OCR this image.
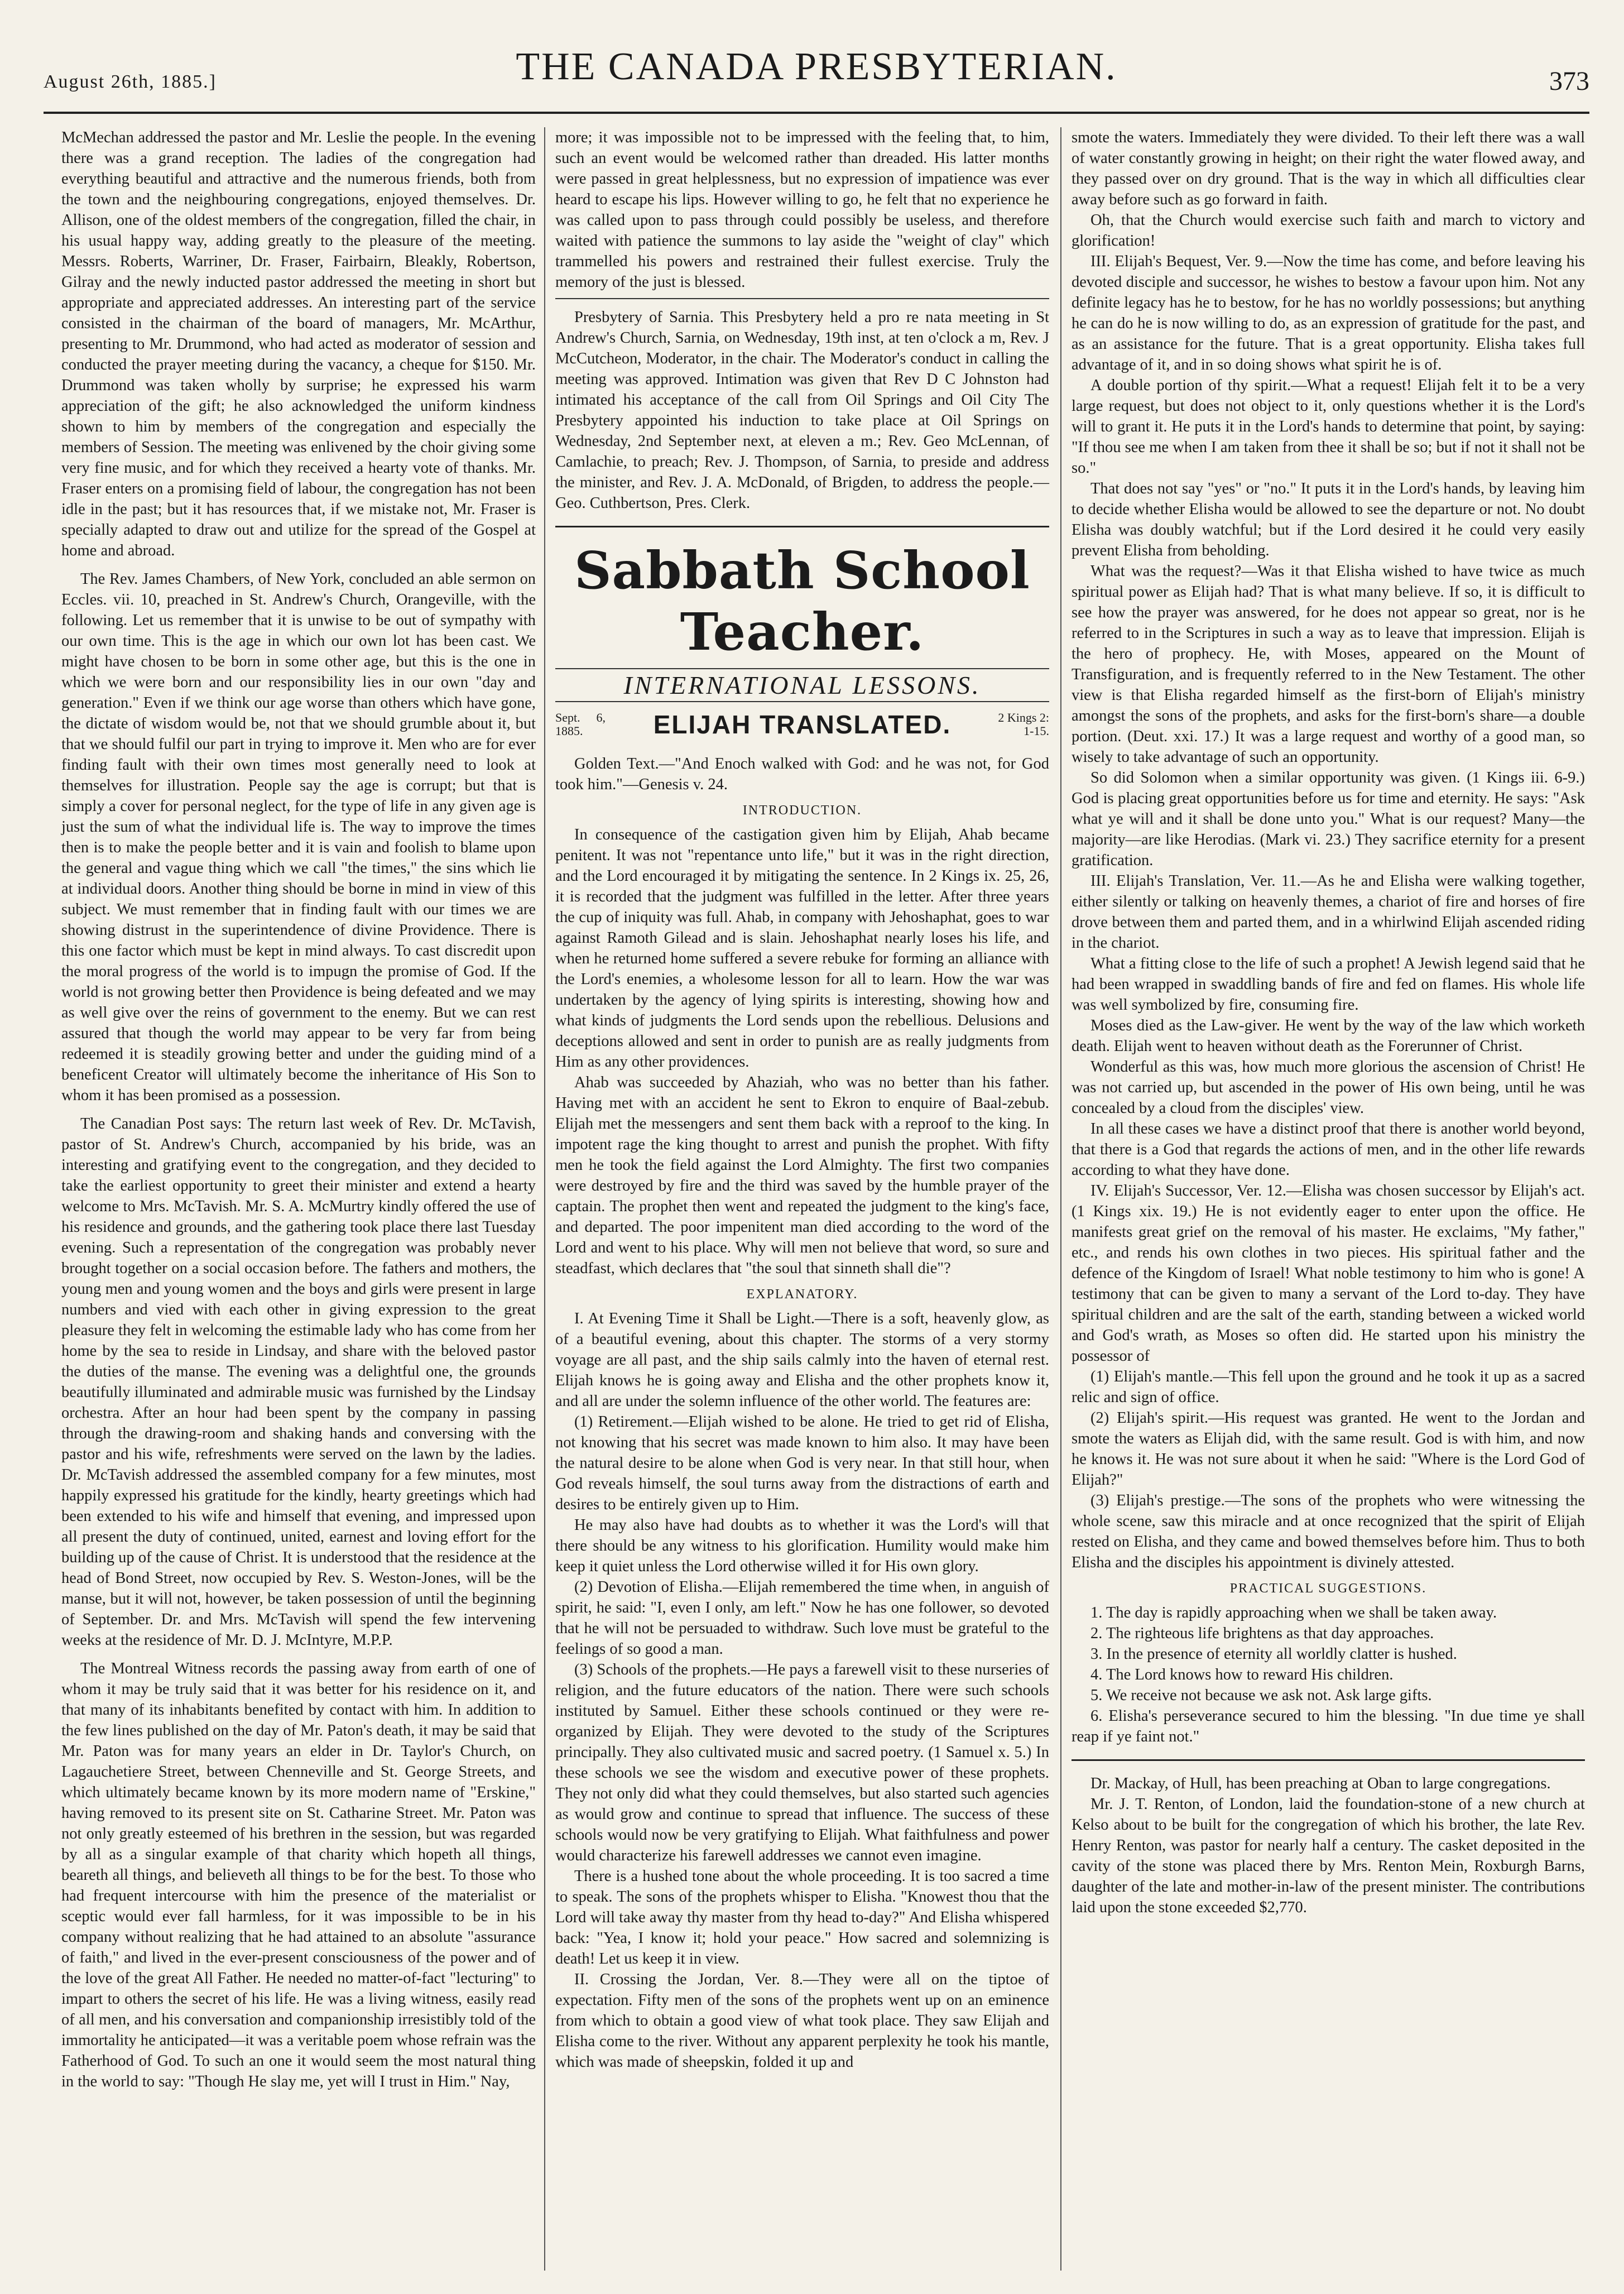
August 26th, 1885.]	THE CANADA PRESBYTERIAN.	373

McMechan addressed the pastor and Mr. Leslie the people. In the evening there was a grand reception. The ladies of the congregation had everything beautiful and attractive and the numerous friends, both from the town and the neighbouring congregations, enjoyed themselves. Dr. Allison, one of the oldest members of the congregation, filled the chair, in his usual happy way, adding greatly to the pleasure of the meeting. Messrs. Roberts, Warriner, Dr. Fraser, Fairbairn, Bleakly, Robertson, Gilray and the newly inducted pastor addressed the meeting in short but appropriate and appreciated addresses. An interesting part of the service consisted in the chairman of the board of managers, Mr. McArthur, presenting to Mr. Drummond, who had acted as moderator of session and conducted the prayer meeting during the vacancy, a cheque for $150. Mr. Drummond was taken wholly by surprise; he expressed his warm appreciation of the gift; he also acknowledged the uniform kindness shown to him by members of the congregation and especially the members of Session. The meeting was enlivened by the choir giving some very fine music, and for which they received a hearty vote of thanks. Mr. Fraser enters on a promising field of labour, the congregation has not been idle in the past; but it has resources that, if we mistake not, Mr. Fraser is specially adapted to draw out and utilize for the spread of the Gospel at home and abroad.

The Rev. James Chambers, of New York, concluded an able sermon on Eccles. vii. 10, preached in St. Andrew's Church, Orangeville, with the following. Let us remember that it is unwise to be out of sympathy with our own time. This is the age in which our own lot has been cast. We might have chosen to be born in some other age, but this is the one in which we were born and our responsibility lies in our own "day and generation." Even if we think our age worse than others which have gone, the dictate of wisdom would be, not that we should grumble about it, but that we should fulfil our part in trying to improve it. Men who are for ever finding fault with their own times most generally need to look at themselves for illustration. People say the age is corrupt; but that is simply a cover for personal neglect, for the type of life in any given age is just the sum of what the individual life is. The way to improve the times then is to make the people better and it is vain and foolish to blame upon the general and vague thing which we call "the times," the sins which lie at individual doors. Another thing should be borne in mind in view of this subject. We must remember that in finding fault with our times we are showing distrust in the superintendence of divine Providence. There is this one factor which must be kept in mind always. To cast discredit upon the moral progress of the world is to impugn the promise of God. If the world is not growing better then Providence is being defeated and we may as well give over the reins of government to the enemy. But we can rest assured that though the world may appear to be very far from being redeemed it is steadily growing better and under the guiding mind of a beneficent Creator will ultimately become the inheritance of His Son to whom it has been promised as a possession.

The Canadian Post says: The return last week of Rev. Dr. McTavish, pastor of St. Andrew's Church, accompanied by his bride, was an interesting and gratifying event to the congregation, and they decided to take the earliest opportunity to greet their minister and extend a hearty welcome to Mrs. McTavish. Mr. S. A. McMurtry kindly offered the use of his residence and grounds, and the gathering took place there last Tuesday evening. Such a representation of the congregation was probably never brought together on a social occasion before. The fathers and mothers, the young men and young women and the boys and girls were present in large numbers and vied with each other in giving expression to the great pleasure they felt in welcoming the estimable lady who has come from her home by the sea to reside in Lindsay, and share with the beloved pastor the duties of the manse. The evening was a delightful one, the grounds beautifully illuminated and admirable music was furnished by the Lindsay orchestra. After an hour had been spent by the company in passing through the drawing-room and shaking hands and conversing with the pastor and his wife, refreshments were served on the lawn by the ladies. Dr. McTavish addressed the assembled company for a few minutes, most happily expressed his gratitude for the kindly, hearty greetings which had been extended to his wife and himself that evening, and impressed upon all present the duty of continued, united, earnest and loving effort for the building up of the cause of Christ. It is understood that the residence at the head of Bond Street, now occupied by Rev. S. Weston-Jones, will be the manse, but it will not, however, be taken possession of until the beginning of September. Dr. and Mrs. McTavish will spend the few intervening weeks at the residence of Mr. D. J. McIntyre, M.P.P.

The Montreal Witness records the passing away from earth of one of whom it may be truly said that it was better for his residence on it, and that many of its inhabitants benefited by contact with him. In addition to the few lines published on the day of Mr. Paton's death, it may be said that Mr. Paton was for many years an elder in Dr. Taylor's Church, on Lagauchetiere Street, between Chenneville and St. George Streets, and which ultimately became known by its more modern name of "Erskine," having removed to its present site on St. Catharine Street. Mr. Paton was not only greatly esteemed of his brethren in the session, but was regarded by all as a singular example of that charity which hopeth all things, beareth all things, and believeth all things to be for the best. To those who had frequent intercourse with him the presence of the materialist or sceptic would ever fall harmless, for it was impossible to be in his company without realizing that he had attained to an absolute "assurance of faith," and lived in the ever-present consciousness of the power and of the love of the great All Father. He needed no matter-of-fact "lecturing" to impart to others the secret of his life. He was a living witness, easily read of all men, and his conversation and companionship irresistibly told of the immortality he anticipated—it was a veritable poem whose refrain was the Fatherhood of God. To such an one it would seem the most natural thing in the world to say: "Though He slay me, yet will I trust in Him." Nay,

more; it was impossible not to be impressed with the feeling that, to him, such an event would be welcomed rather than dreaded. His latter months were passed in great helplessness, but no expression of impatience was ever heard to escape his lips. However willing to go, he felt that no experience he was called upon to pass through could possibly be useless, and therefore waited with patience the summons to lay aside the "weight of clay" which trammelled his powers and restrained their fullest exercise. Truly the memory of the just is blessed.

Presbytery of Sarnia. This Presbytery held a pro re nata meeting in St Andrew's Church, Sarnia, on Wednesday, 19th inst, at ten o'clock a m, Rev. J McCutcheon, Moderator, in the chair. The Moderator's conduct in calling the meeting was approved. Intimation was given that Rev D C Johnston had intimated his acceptance of the call from Oil Springs and Oil City The Presbytery appointed his induction to take place at Oil Springs on Wednesday, 2nd September next, at eleven a m.; Rev. Geo McLennan, of Camlachie, to preach; Rev. J. Thompson, of Sarnia, to preside and address the minister, and Rev. J. A. McDonald, of Brigden, to address the people.—Geo. Cuthbertson, Pres. Clerk.

Sabbath School Teacher.
INTERNATIONAL LESSONS.
Sept. 6, 1885.	ELIJAH TRANSLATED.	2 Kings 2: 1-15.

Golden Text.—"And Enoch walked with God: and he was not, for God took him."—Genesis v. 24.

INTRODUCTION.

In consequence of the castigation given him by Elijah, Ahab became penitent. It was not "repentance unto life," but it was in the right direction, and the Lord encouraged it by mitigating the sentence. In 2 Kings ix. 25, 26, it is recorded that the judgment was fulfilled in the letter. After three years the cup of iniquity was full. Ahab, in company with Jehoshaphat, goes to war against Ramoth Gilead and is slain. Jehoshaphat nearly loses his life, and when he returned home suffered a severe rebuke for forming an alliance with the Lord's enemies, a wholesome lesson for all to learn. How the war was undertaken by the agency of lying spirits is interesting, showing how and what kinds of judgments the Lord sends upon the rebellious. Delusions and deceptions allowed and sent in order to punish are as really judgments from Him as any other providences.

Ahab was succeeded by Ahaziah, who was no better than his father. Having met with an accident he sent to Ekron to enquire of Baal-zebub. Elijah met the messengers and sent them back with a reproof to the king. In impotent rage the king thought to arrest and punish the prophet. With fifty men he took the field against the Lord Almighty. The first two companies were destroyed by fire and the third was saved by the humble prayer of the captain. The prophet then went and repeated the judgment to the king's face, and departed. The poor impenitent man died according to the word of the Lord and went to his place. Why will men not believe that word, so sure and steadfast, which declares that "the soul that sinneth shall die"?

EXPLANATORY.

I. At Evening Time it Shall be Light.—There is a soft, heavenly glow, as of a beautiful evening, about this chapter. The storms of a very stormy voyage are all past, and the ship sails calmly into the haven of eternal rest. Elijah knows he is going away and Elisha and the other prophets know it, and all are under the solemn influence of the other world. The features are:

(1) Retirement.—Elijah wished to be alone. He tried to get rid of Elisha, not knowing that his secret was made known to him also. It may have been the natural desire to be alone when God is very near. In that still hour, when God reveals himself, the soul turns away from the distractions of earth and desires to be entirely given up to Him.

He may also have had doubts as to whether it was the Lord's will that there should be any witness to his glorification. Humility would make him keep it quiet unless the Lord otherwise willed it for His own glory.

(2) Devotion of Elisha.—Elijah remembered the time when, in anguish of spirit, he said: "I, even I only, am left." Now he has one follower, so devoted that he will not be persuaded to withdraw. Such love must be grateful to the feelings of so good a man.

(3) Schools of the prophets.—He pays a farewell visit to these nurseries of religion, and the future educators of the nation. There were such schools instituted by Samuel. Either these schools continued or they were re-organized by Elijah. They were devoted to the study of the Scriptures principally. They also cultivated music and sacred poetry. (1 Samuel x. 5.) In these schools we see the wisdom and executive power of these prophets. They not only did what they could themselves, but also started such agencies as would grow and continue to spread that influence. The success of these schools would now be very gratifying to Elijah. What faithfulness and power would characterize his farewell addresses we cannot even imagine.

There is a hushed tone about the whole proceeding. It is too sacred a time to speak. The sons of the prophets whisper to Elisha. "Knowest thou that the Lord will take away thy master from thy head to-day?" And Elisha whispered back: "Yea, I know it; hold your peace." How sacred and solemnizing is death! Let us keep it in view.

II. Crossing the Jordan, Ver. 8.—They were all on the tiptoe of expectation. Fifty men of the sons of the prophets went up on an eminence from which to obtain a good view of what took place. They saw Elijah and Elisha come to the river. Without any apparent perplexity he took his mantle, which was made of sheepskin, folded it up and

smote the waters. Immediately they were divided. To their left there was a wall of water constantly growing in height; on their right the water flowed away, and they passed over on dry ground. That is the way in which all difficulties clear away before such as go forward in faith.

Oh, that the Church would exercise such faith and march to victory and glorification!

III. Elijah's Bequest, Ver. 9.—Now the time has come, and before leaving his devoted disciple and successor, he wishes to bestow a favour upon him. Not any definite legacy has he to bestow, for he has no worldly possessions; but anything he can do he is now willing to do, as an expression of gratitude for the past, and as an assistance for the future. That is a great opportunity. Elisha takes full advantage of it, and in so doing shows what spirit he is of.

A double portion of thy spirit.—What a request! Elijah felt it to be a very large request, but does not object to it, only questions whether it is the Lord's will to grant it. He puts it in the Lord's hands to determine that point, by saying: "If thou see me when I am taken from thee it shall be so; but if not it shall not be so."

That does not say "yes" or "no." It puts it in the Lord's hands, by leaving him to decide whether Elisha would be allowed to see the departure or not. No doubt Elisha was doubly watchful; but if the Lord desired it he could very easily prevent Elisha from beholding.

What was the request?—Was it that Elisha wished to have twice as much spiritual power as Elijah had? That is what many believe. If so, it is difficult to see how the prayer was answered, for he does not appear so great, nor is he referred to in the Scriptures in such a way as to leave that impression. Elijah is the hero of prophecy. He, with Moses, appeared on the Mount of Transfiguration, and is frequently referred to in the New Testament. The other view is that Elisha regarded himself as the first-born of Elijah's ministry amongst the sons of the prophets, and asks for the first-born's share—a double portion. (Deut. xxi. 17.) It was a large request and worthy of a good man, so wisely to take advantage of such an opportunity.

So did Solomon when a similar opportunity was given. (1 Kings iii. 6-9.) God is placing great opportunities before us for time and eternity. He says: "Ask what ye will and it shall be done unto you." What is our request? Many—the majority—are like Herodias. (Mark vi. 23.) They sacrifice eternity for a present gratification.

III. Elijah's Translation, Ver. 11.—As he and Elisha were walking together, either silently or talking on heavenly themes, a chariot of fire and horses of fire drove between them and parted them, and in a whirlwind Elijah ascended riding in the chariot.

What a fitting close to the life of such a prophet! A Jewish legend said that he had been wrapped in swaddling bands of fire and fed on flames. His whole life was well symbolized by fire, consuming fire.

Moses died as the Law-giver. He went by the way of the law which worketh death. Elijah went to heaven without death as the Forerunner of Christ.

Wonderful as this was, how much more glorious the ascension of Christ! He was not carried up, but ascended in the power of His own being, until he was concealed by a cloud from the disciples' view.

In all these cases we have a distinct proof that there is another world beyond, that there is a God that regards the actions of men, and in the other life rewards according to what they have done.

IV. Elijah's Successor, Ver. 12.—Elisha was chosen successor by Elijah's act. (1 Kings xix. 19.) He is not evidently eager to enter upon the office. He manifests great grief on the removal of his master. He exclaims, "My father," etc., and rends his own clothes in two pieces. His spiritual father and the defence of the Kingdom of Israel! What noble testimony to him who is gone! A testimony that can be given to many a servant of the Lord to-day. They have spiritual children and are the salt of the earth, standing between a wicked world and God's wrath, as Moses so often did. He started upon his ministry the possessor of

(1) Elijah's mantle.—This fell upon the ground and he took it up as a sacred relic and sign of office.

(2) Elijah's spirit.—His request was granted. He went to the Jordan and smote the waters as Elijah did, with the same result. God is with him, and now he knows it. He was not sure about it when he said: "Where is the Lord God of Elijah?"

(3) Elijah's prestige.—The sons of the prophets who were witnessing the whole scene, saw this miracle and at once recognized that the spirit of Elijah rested on Elisha, and they came and bowed themselves before him. Thus to both Elisha and the disciples his appointment is divinely attested.

PRACTICAL SUGGESTIONS.

1. The day is rapidly approaching when we shall be taken away.

2. The righteous life brightens as that day approaches.

3. In the presence of eternity all worldly clatter is hushed.

4. The Lord knows how to reward His children.

5. We receive not because we ask not. Ask large gifts.

6. Elisha's perseverance secured to him the blessing. "In due time ye shall reap if ye faint not."

Dr. Mackay, of Hull, has been preaching at Oban to large congregations.

Mr. J. T. Renton, of London, laid the foundation-stone of a new church at Kelso about to be built for the congregation of which his brother, the late Rev. Henry Renton, was pastor for nearly half a century. The casket deposited in the cavity of the stone was placed there by Mrs. Renton Mein, Roxburgh Barns, daughter of the late and mother-in-law of the present minister. The contributions laid upon the stone exceeded $2,770.
